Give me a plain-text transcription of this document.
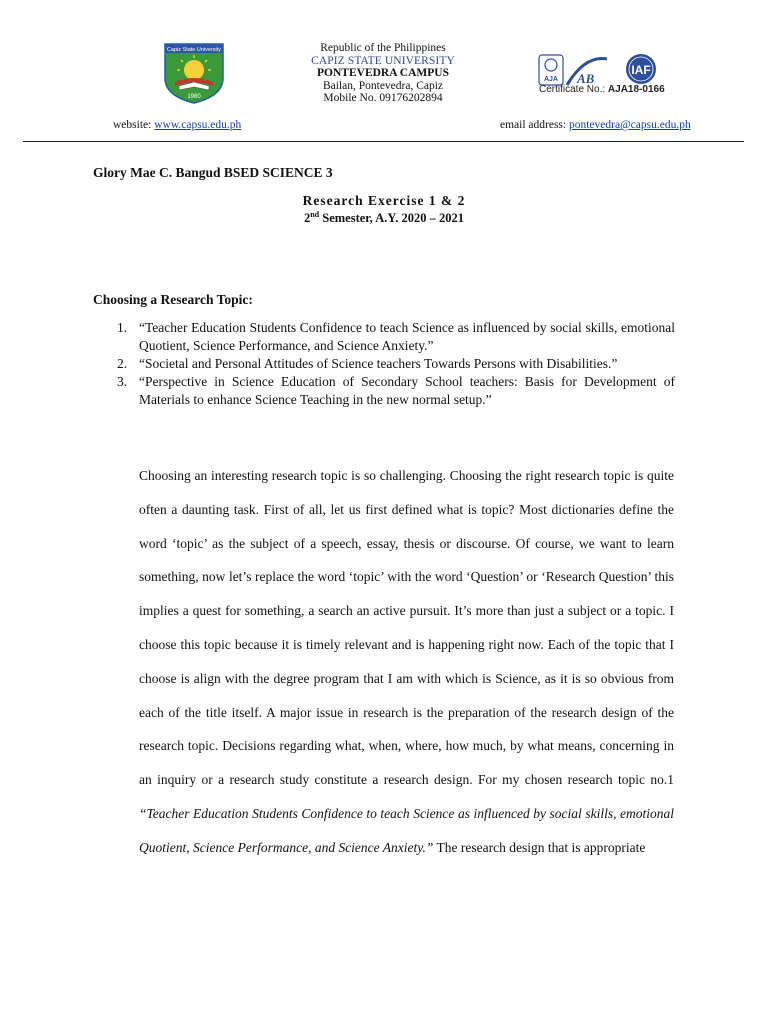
Capiz State University
1980
Republic of the Philippines
CAPIZ STATE UNIVERSITY
PONTEVEDRA CAMPUS
Bailan, Pontevedra, Capiz
Mobile No. 09176202894
AJA AB
IAF
Certificate No.: AJA18-0166
website: www.capsu.edu.ph	email address: pontevedra@capsu.edu.ph
Glory Mae C. Bangud BSED SCIENCE 3
Research Exercise 1 & 2
2nd Semester, A.Y. 2020 – 2021
Choosing a Research Topic:
1. “Teacher Education Students Confidence to teach Science as influenced by social skills, emotional Quotient, Science Performance, and Science Anxiety.”
2. “Societal and Personal Attitudes of Science teachers Towards Persons with Disabilities.”
3. “Perspective in Science Education of Secondary School teachers: Basis for Development of Materials to enhance Science Teaching in the new normal setup.”
Choosing an interesting research topic is so challenging. Choosing the right research topic is quite often a daunting task. First of all, let us first defined what is topic? Most dictionaries define the word ‘topic’ as the subject of a speech, essay, thesis or discourse. Of course, we want to learn something, now let’s replace the word ‘topic’ with the word ‘Question’ or ‘Research Question’ this implies a quest for something, a search an active pursuit. It’s more than just a subject or a topic. I choose this topic because it is timely relevant and is happening right now. Each of the topic that I choose is align with the degree program that I am with which is Science, as it is so obvious from each of the title itself. A major issue in research is the preparation of the research design of the research topic. Decisions regarding what, when, where, how much, by what means, concerning in an inquiry or a research study constitute a research design. For my chosen research topic no.1 “Teacher Education Students Confidence to teach Science as influenced by social skills, emotional Quotient, Science Performance, and Science Anxiety.” The research design that is appropriate
